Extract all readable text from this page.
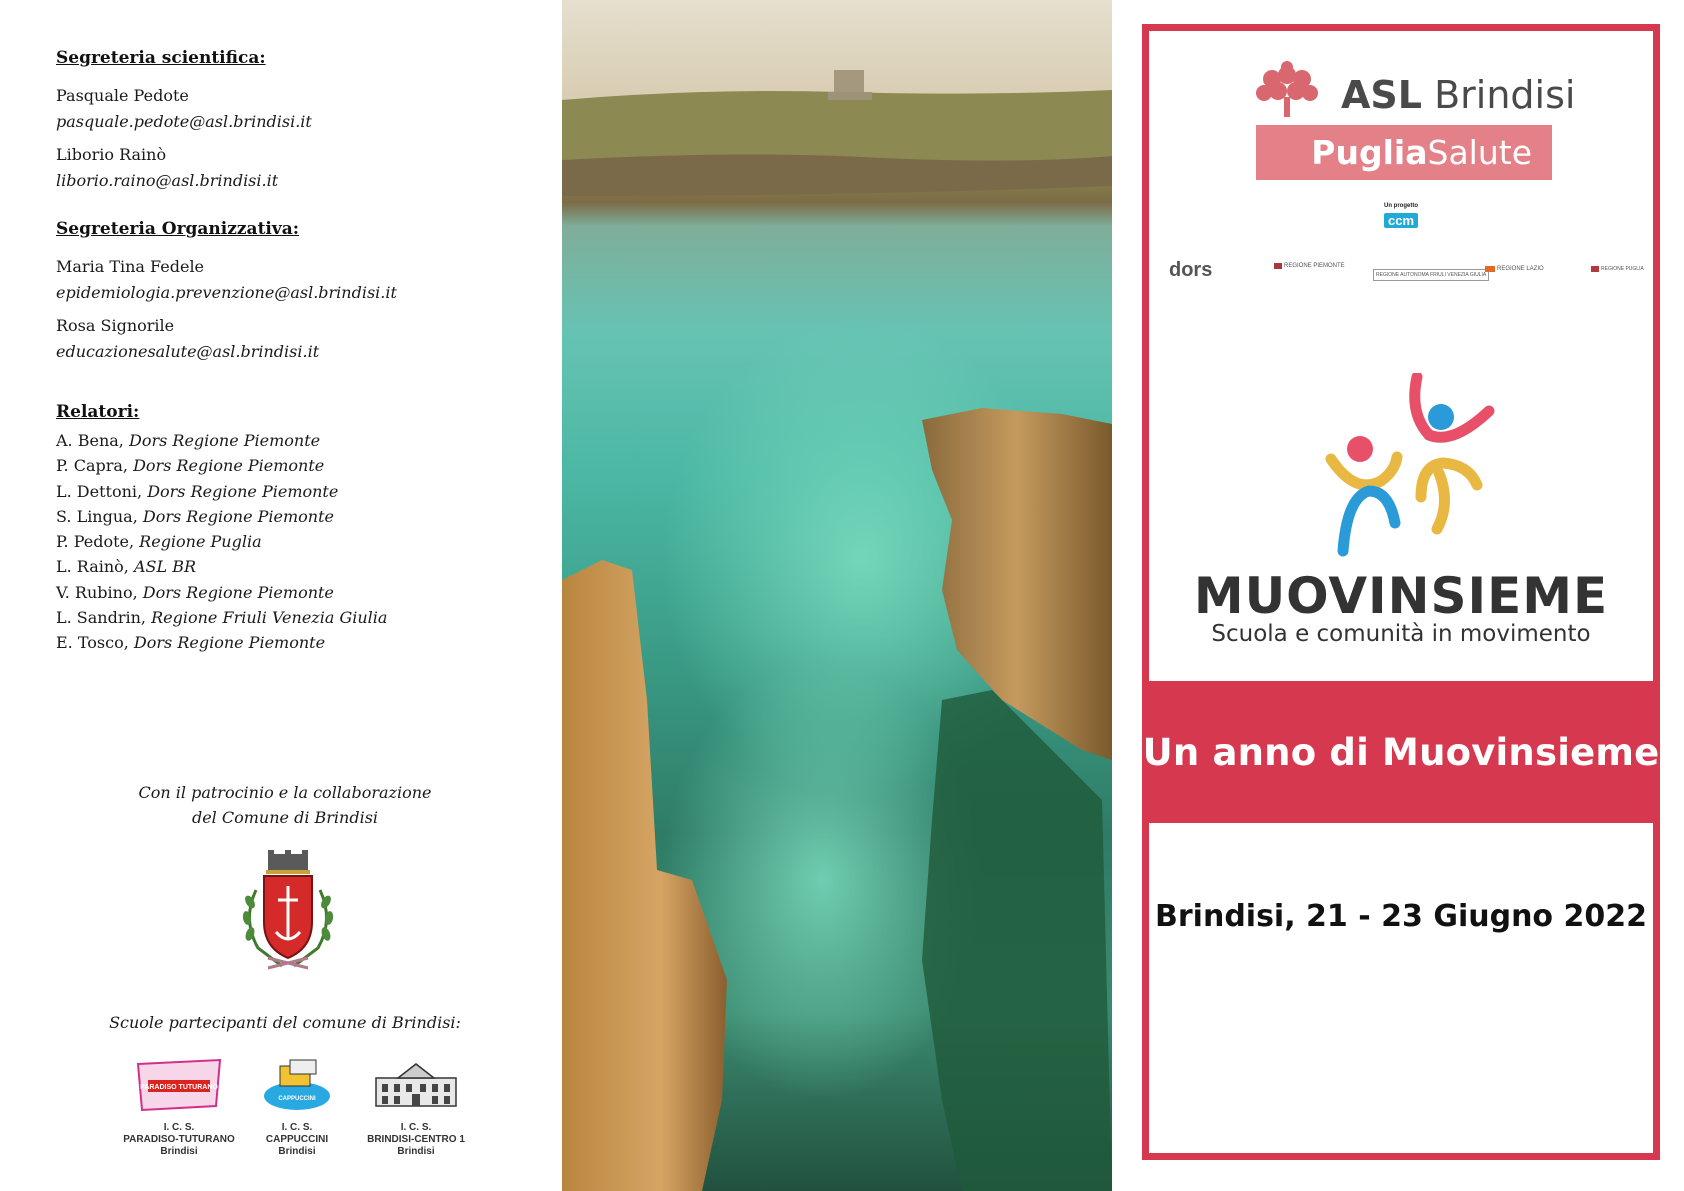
Segreteria scientifica:
Pasquale Pedote
pasquale.pedote@asl.brindisi.it
Liborio Rainò
liborio.raino@asl.brindisi.it
Segreteria Organizzativa:
Maria Tina Fedele
epidemiologia.prevenzione@asl.brindisi.it
Rosa Signorile
educazionesalute@asl.brindisi.it
Relatori:
A. Bena, Dors Regione Piemonte
P. Capra, Dors Regione Piemonte
L. Dettoni, Dors Regione Piemonte
S. Lingua, Dors Regione Piemonte
P. Pedote, Regione Puglia
L. Rainò, ASL BR
V. Rubino, Dors Regione Piemonte
L. Sandrin, Regione Friuli Venezia Giulia
E. Tosco, Dors Regione Piemonte
Con il patrocinio e la collaborazione
del Comune di Brindisi
Scuole partecipanti del comune di Brindisi:
PARADISO TUTURANO
I. C. S.
PARADISO-TUTURANO
Brindisi
CAPPUCCINI
I. C. S.
CAPPUCCINI
Brindisi
I. C. S.
BRINDISI-CENTRO 1
Brindisi
ASL Brindisi
PugliaSalute
Un progetto
ccm
dors	REGIONE PIEMONTE
REGIONE AUTONOMA FRIULI VENEZIA GIULIA
REGIONE LAZIO	REGIONE PUGLIA
MUOVINSIEME
Scuola e comunità in movimento
Un anno di Muovinsieme
Brindisi, 21 - 23 Giugno 2022
